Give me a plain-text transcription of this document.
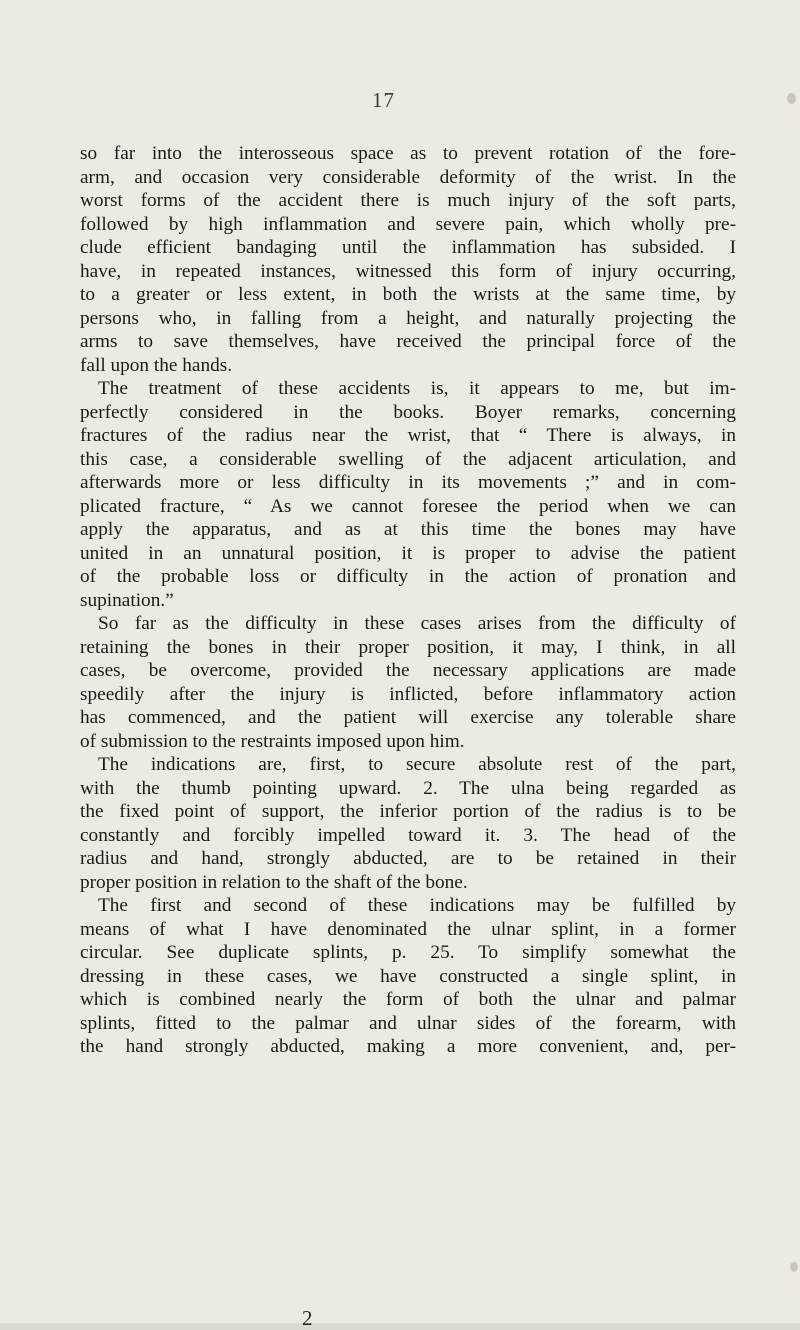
17
so far into the interosseous space as to prevent rotation of the fore-
arm, and occasion very considerable deformity of the wrist. In the
worst forms of the accident there is much injury of the soft parts,
followed by high inflammation and severe pain, which wholly pre-
clude efficient bandaging until the inflammation has subsided. I
have, in repeated instances, witnessed this form of injury occurring,
to a greater or less extent, in both the wrists at the same time, by
persons who, in falling from a height, and naturally projecting the
arms to save themselves, have received the principal force of the
fall upon the hands.
The treatment of these accidents is, it appears to me, but im-
perfectly considered in the books. Boyer remarks, concerning
fractures of the radius near the wrist, that “ There is always, in
this case, a considerable swelling of the adjacent articulation, and
afterwards more or less difficulty in its movements ;” and in com-
plicated fracture, “ As we cannot foresee the period when we can
apply the apparatus, and as at this time the bones may have
united in an unnatural position, it is proper to advise the patient
of the probable loss or difficulty in the action of pronation and
supination.”
So far as the difficulty in these cases arises from the difficulty of
retaining the bones in their proper position, it may, I think, in all
cases, be overcome, provided the necessary applications are made
speedily after the injury is inflicted, before inflammatory action
has commenced, and the patient will exercise any tolerable share
of submission to the restraints imposed upon him.
The indications are, first, to secure absolute rest of the part,
with the thumb pointing upward. 2. The ulna being regarded as
the fixed point of support, the inferior portion of the radius is to be
constantly and forcibly impelled toward it. 3. The head of the
radius and hand, strongly abducted, are to be retained in their
proper position in relation to the shaft of the bone.
The first and second of these indications may be fulfilled by
means of what I have denominated the ulnar splint, in a former
circular. See duplicate splints, p. 25. To simplify somewhat the
dressing in these cases, we have constructed a single splint, in
which is combined nearly the form of both the ulnar and palmar
splints, fitted to the palmar and ulnar sides of the forearm, with
the hand strongly abducted, making a more convenient, and, per-
2
